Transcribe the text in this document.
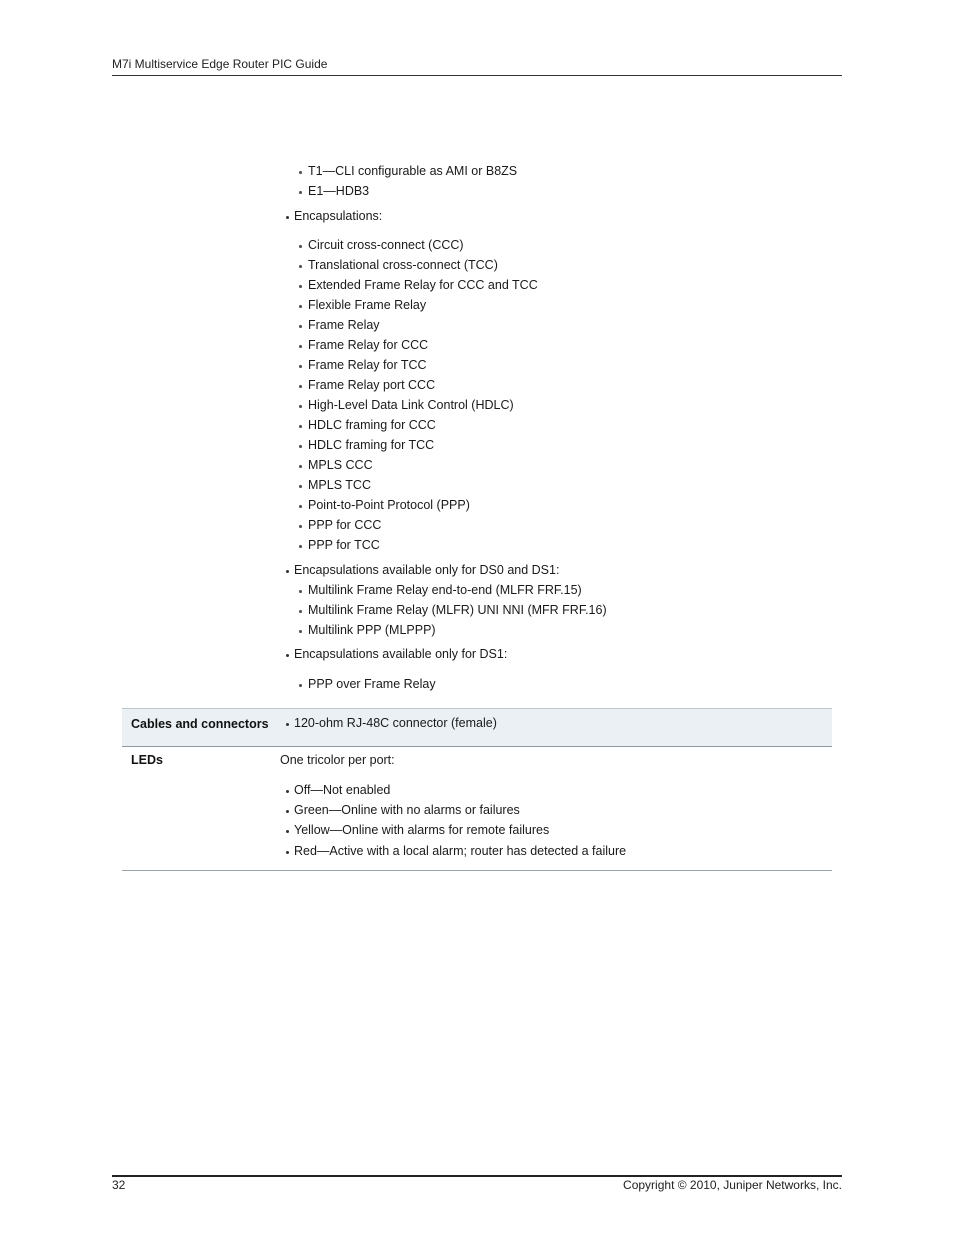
M7i Multiservice Edge Router PIC Guide
T1—CLI configurable as AMI or B8ZS
E1—HDB3
Encapsulations:
Circuit cross-connect (CCC)
Translational cross-connect (TCC)
Extended Frame Relay for CCC and TCC
Flexible Frame Relay
Frame Relay
Frame Relay for CCC
Frame Relay for TCC
Frame Relay port CCC
High-Level Data Link Control (HDLC)
HDLC framing for CCC
HDLC framing for TCC
MPLS CCC
MPLS TCC
Point-to-Point Protocol (PPP)
PPP for CCC
PPP for TCC
Encapsulations available only for DS0 and DS1:
Multilink Frame Relay end-to-end (MLFR FRF.15)
Multilink Frame Relay (MLFR) UNI NNI (MFR FRF.16)
Multilink PPP (MLPPP)
Encapsulations available only for DS1:
PPP over Frame Relay
Cables and connectors 120-ohm RJ-48C connector (female)
LEDs	One tricolor per port:
Off—Not enabled
Green—Online with no alarms or failures
Yellow—Online with alarms for remote failures
Red—Active with a local alarm; router has detected a failure
32	Copyright © 2010, Juniper Networks, Inc.
